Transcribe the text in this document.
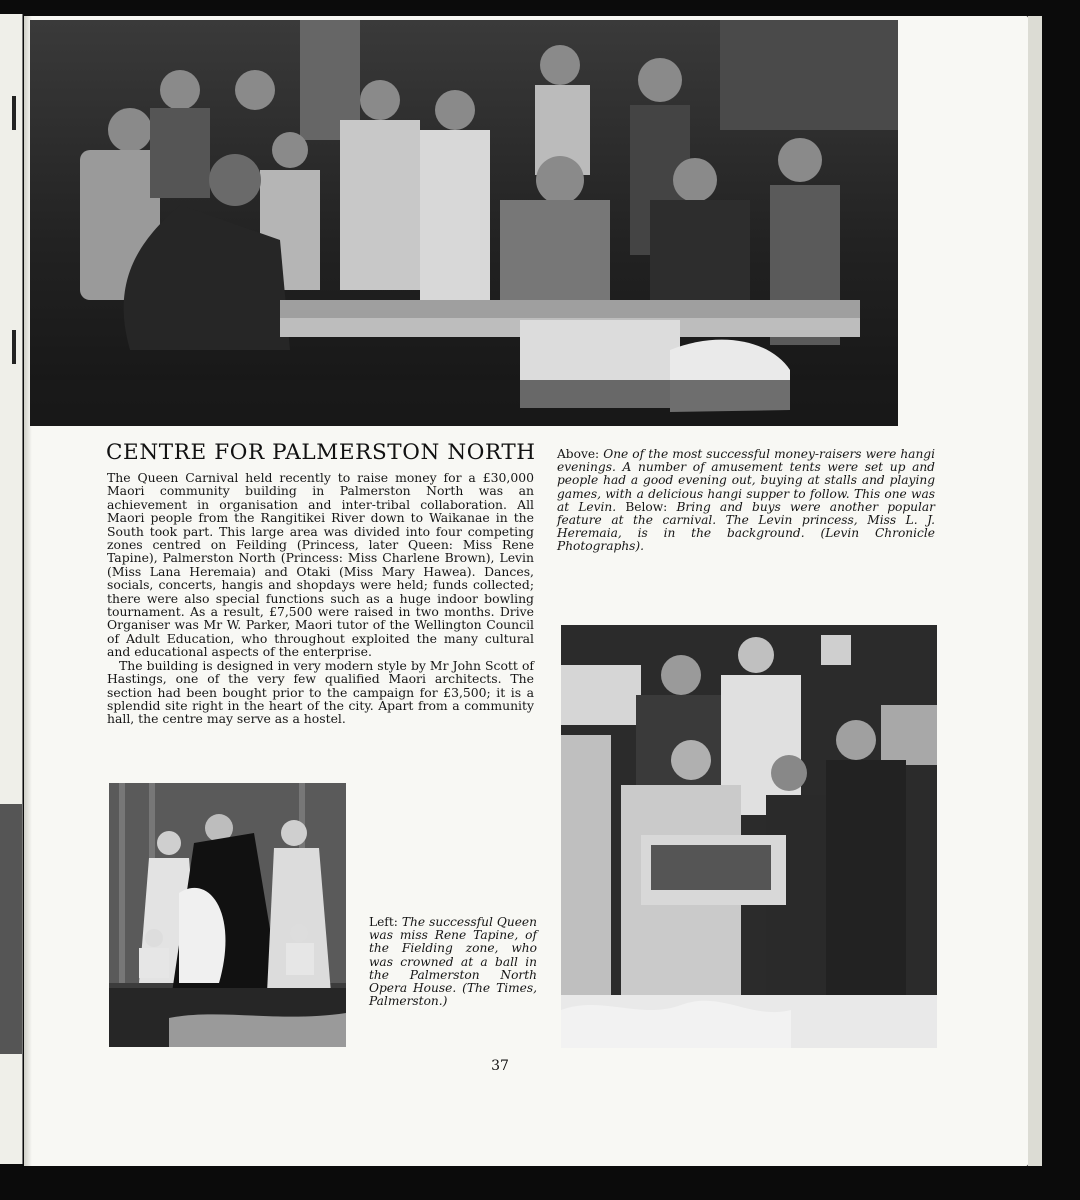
CENTRE FOR PALMERSTON NORTH

The Queen Carnival held recently to raise money for a £30,000 Maori community building in Palmerston North was an achievement in organisation and inter-tribal collaboration. All Maori people from the Rangitikei River down to Waikanae in the South took part. This large area was divided into four competing zones centred on Feilding (Princess, later Queen: Miss Rene Tapine), Palmerston North (Princess: Miss Charlene Brown), Levin (Miss Lana Heremaia) and Otaki (Miss Mary Hawea). Dances, socials, concerts, hangis and shopdays were held; funds collected; there were also special functions such as a huge indoor bowling tournament. As a result, £7,500 were raised in two months. Drive Organiser was Mr W. Parker, Maori tutor of the Wellington Council of Adult Education, who throughout exploited the many cultural and educational aspects of the enterprise.

The building is designed in very modern style by Mr John Scott of Hastings, one of the very few qualified Maori architects. The section had been bought prior to the campaign for £3,500; it is a splendid site right in the heart of the city. Apart from a community hall, the centre may serve as a hostel.

Above: One of the most successful money-raisers were hangi evenings. A number of amusement tents were set up and people had a good evening out, buying at stalls and playing games, with a delicious hangi supper to follow. This one was at Levin. Below: Bring and buys were another popular feature at the carnival. The Levin princess, Miss L. J. Heremaia, is in the background. (Levin Chronicle Photographs).
Left: The successful Queen was miss Rene Tapine, of the Fielding zone, who was crowned at a ball in the Palmerston North Opera House. (The Times, Palmerston.)
37
